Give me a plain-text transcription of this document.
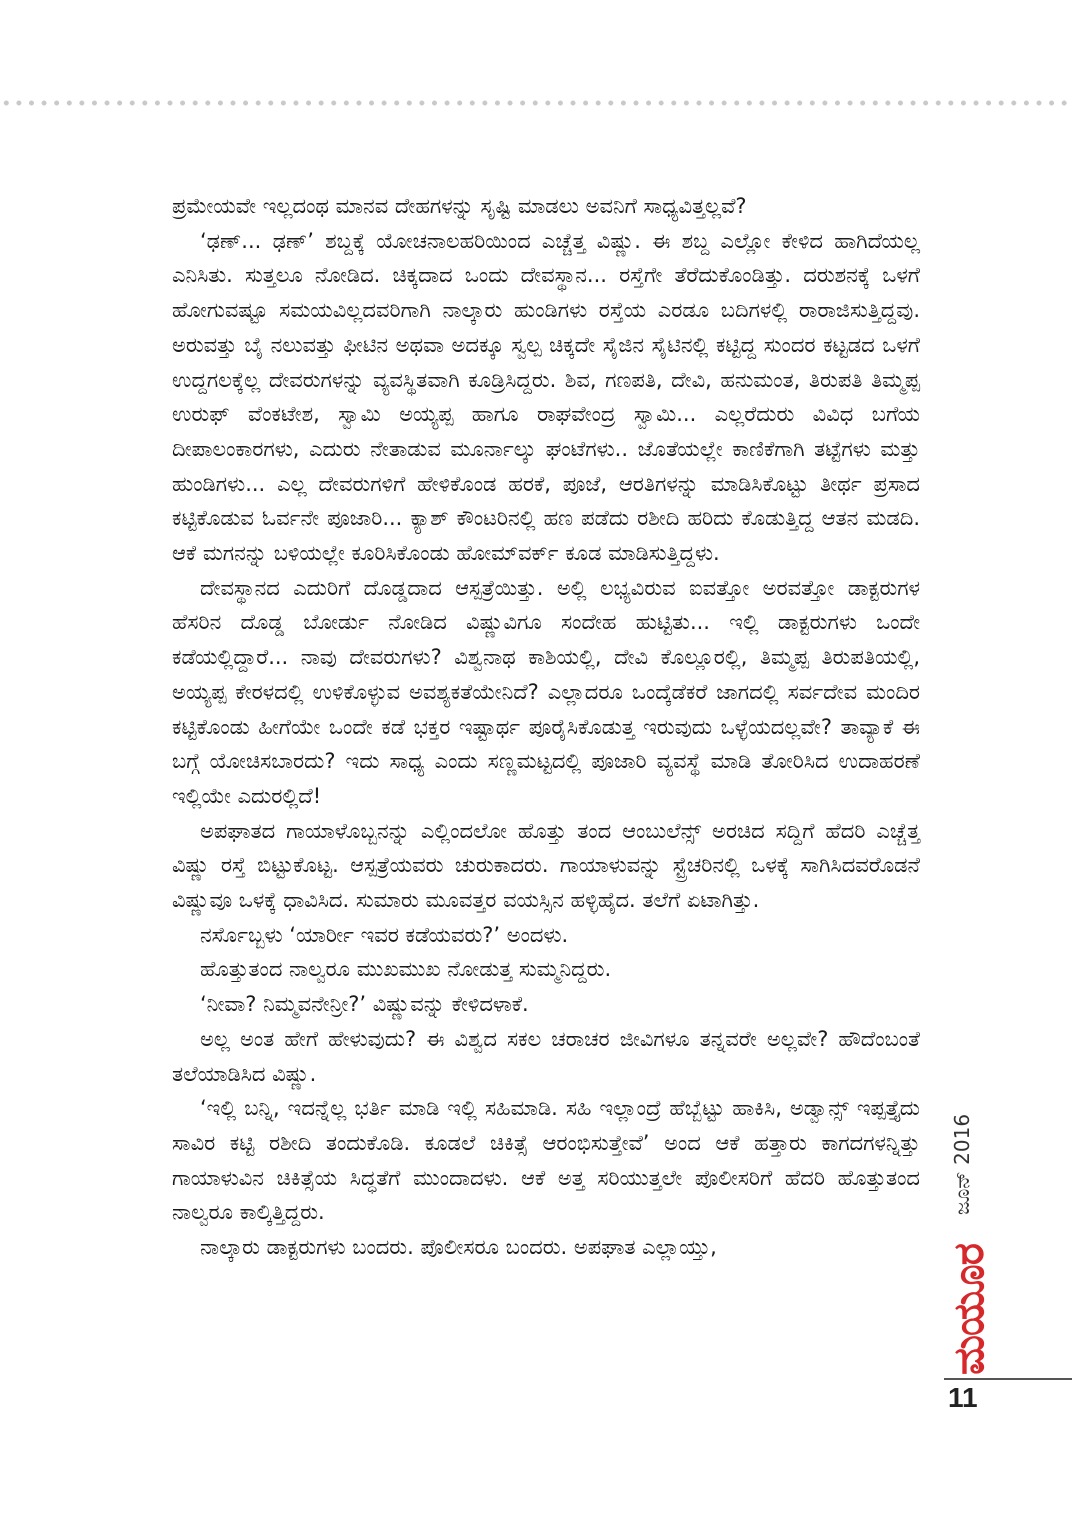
ಪ್ರಮೇಯವೇ ಇಲ್ಲದಂಥ ಮಾನವ ದೇಹಗಳನ್ನು ಸೃಷ್ಟಿ ಮಾಡಲು ಅವನಿಗೆ ಸಾಧ್ಯವಿತ್ತಲ್ಲವೆ?

‘ಢಣ್... ಢಣ್’ ಶಬ್ದಕ್ಕೆ ಯೋಚನಾಲಹರಿಯಿಂದ ಎಚ್ಚೆತ್ತ ವಿಷ್ಣು. ಈ ಶಬ್ದ ಎಲ್ಲೋ ಕೇಳಿದ ಹಾಗಿದೆಯಲ್ಲ ಎನಿಸಿತು. ಸುತ್ತಲೂ ನೋಡಿದ. ಚಿಕ್ಕದಾದ ಒಂದು ದೇವಸ್ಥಾನ... ರಸ್ತೆಗೇ ತೆರೆದುಕೊಂಡಿತ್ತು. ದರುಶನಕ್ಕೆ ಒಳಗೆ ಹೋಗುವಷ್ಟೂ ಸಮಯವಿಲ್ಲದವರಿಗಾಗಿ ನಾಲ್ಕಾರು ಹುಂಡಿಗಳು ರಸ್ತೆಯ ಎರಡೂ ಬದಿಗಳಲ್ಲಿ ರಾರಾಜಿಸುತ್ತಿದ್ದವು. ಅರುವತ್ತು ಬೈ ನಲುವತ್ತು ಫೀಟಿನ ಅಥವಾ ಅದಕ್ಕೂ ಸ್ವಲ್ಪ ಚಿಕ್ಕದೇ ಸೈಜಿನ ಸೈಟಿನಲ್ಲಿ ಕಟ್ಟಿದ್ದ ಸುಂದರ ಕಟ್ಟಡದ ಒಳಗೆ ಉದ್ದಗಲಕ್ಕೆಲ್ಲ ದೇವರುಗಳನ್ನು ವ್ಯವಸ್ಥಿತವಾಗಿ ಕೂಡ್ರಿಸಿದ್ದರು. ಶಿವ, ಗಣಪತಿ, ದೇವಿ, ಹನುಮಂತ, ತಿರುಪತಿ ತಿಮ್ಮಪ್ಪ ಉರುಫ್ ವೆಂಕಟೇಶ, ಸ್ವಾಮಿ ಅಯ್ಯಪ್ಪ ಹಾಗೂ ರಾಘವೇಂದ್ರ ಸ್ವಾಮಿ... ಎಲ್ಲರೆದುರು ವಿವಿಧ ಬಗೆಯ ದೀಪಾಲಂಕಾರಗಳು, ಎದುರು ನೇತಾಡುವ ಮೂರ್ನಾಲ್ಕು ಘಂಟೆಗಳು.. ಜೊತೆಯಲ್ಲೇ ಕಾಣಿಕೆಗಾಗಿ ತಟ್ಟೆಗಳು ಮತ್ತು ಹುಂಡಿಗಳು... ಎಲ್ಲ ದೇವರುಗಳಿಗೆ ಹೇಳಿಕೊಂಡ ಹರಕೆ, ಪೂಜೆ, ಆರತಿಗಳನ್ನು ಮಾಡಿಸಿಕೊಟ್ಟು ತೀರ್ಥ ಪ್ರಸಾದ ಕಟ್ಟಿಕೊಡುವ ಓರ್ವನೇ ಪೂಜಾರಿ... ಕ್ಯಾಶ್ ಕೌಂಟರಿನಲ್ಲಿ ಹಣ ಪಡೆದು ರಶೀದಿ ಹರಿದು ಕೊಡುತ್ತಿದ್ದ ಆತನ ಮಡದಿ. ಆಕೆ ಮಗನನ್ನು ಬಳಿಯಲ್ಲೇ ಕೂರಿಸಿಕೊಂಡು ಹೋಮ್‌ವರ್ಕ್ ಕೂಡ ಮಾಡಿಸುತ್ತಿದ್ದಳು.

ದೇವಸ್ಥಾನದ ಎದುರಿಗೆ ದೊಡ್ಡದಾದ ಆಸ್ಪತ್ರೆಯಿತ್ತು. ಅಲ್ಲಿ ಲಭ್ಯವಿರುವ ಐವತ್ತೋ ಅರವತ್ತೋ ಡಾಕ್ಟರುಗಳ ಹೆಸರಿನ ದೊಡ್ಡ ಬೋರ್ಡು ನೋಡಿದ ವಿಷ್ಣುವಿಗೂ ಸಂದೇಹ ಹುಟ್ಟಿತು... ಇಲ್ಲಿ ಡಾಕ್ಟರುಗಳು ಒಂದೇ ಕಡೆಯಲ್ಲಿದ್ದಾರೆ... ನಾವು ದೇವರುಗಳು? ವಿಶ್ವನಾಥ ಕಾಶಿಯಲ್ಲಿ, ದೇವಿ ಕೊಲ್ಲೂರಲ್ಲಿ, ತಿಮ್ಮಪ್ಪ ತಿರುಪತಿಯಲ್ಲಿ, ಅಯ್ಯಪ್ಪ ಕೇರಳದಲ್ಲಿ ಉಳಿಕೊಳ್ಳುವ ಅವಶ್ಯಕತೆಯೇನಿದೆ? ಎಲ್ಲಾದರೂ ಒಂದ್ಕೆಡೆಕರೆ ಜಾಗದಲ್ಲಿ ಸರ್ವದೇವ ಮಂದಿರ ಕಟ್ಟಿಕೊಂಡು ಹೀಗೆಯೇ ಒಂದೇ ಕಡೆ ಭಕ್ತರ ಇಷ್ಟಾರ್ಥ ಪೂರೈಸಿಕೊಡುತ್ತ ಇರುವುದು ಒಳ್ಳೆಯದಲ್ಲವೇ? ತಾವ್ಯಾಕೆ ಈ ಬಗ್ಗೆ ಯೋಚಿಸಬಾರದು? ಇದು ಸಾಧ್ಯ ಎಂದು ಸಣ್ಣಮಟ್ಟದಲ್ಲಿ ಪೂಜಾರಿ ವ್ಯವಸ್ಥೆ ಮಾಡಿ ತೋರಿಸಿದ ಉದಾಹರಣೆ ಇಲ್ಲಿಯೇ ಎದುರಲ್ಲಿದೆ!

ಅಪಘಾತದ ಗಾಯಾಳೊಬ್ಬನನ್ನು ಎಲ್ಲಿಂದಲೋ ಹೊತ್ತು ತಂದ ಆಂಬುಲೆನ್ಸ್ ಅರಚಿದ ಸದ್ದಿಗೆ ಹೆದರಿ ಎಚ್ಚೆತ್ತ ವಿಷ್ಣು ರಸ್ತೆ ಬಿಟ್ಟುಕೊಟ್ಟ. ಆಸ್ಪತ್ರೆಯವರು ಚುರುಕಾದರು. ಗಾಯಾಳುವನ್ನು ಸ್ಟ್ರೆಚರಿನಲ್ಲಿ ಒಳಕ್ಕೆ ಸಾಗಿಸಿದವರೊಡನೆ ವಿಷ್ಣುವೂ ಒಳಕ್ಕೆ ಧಾವಿಸಿದ. ಸುಮಾರು ಮೂವತ್ತರ ವಯಸ್ಸಿನ ಹಳ್ಳಿಹೈದ. ತಲೆಗೆ ಏಟಾಗಿತ್ತು.

ನರ್ಸೊಬ್ಬಳು ‘ಯಾರ್ರೀ ಇವರ ಕಡೆಯವರು?’ ಅಂದಳು.

ಹೊತ್ತುತಂದ ನಾಲ್ವರೂ ಮುಖಮುಖ ನೋಡುತ್ತ ಸುಮ್ಮನಿದ್ದರು.

‘ನೀವಾ? ನಿಮ್ಮವನೇನ್ರೀ?’ ವಿಷ್ಣುವನ್ನು ಕೇಳಿದಳಾಕೆ.

ಅಲ್ಲ ಅಂತ ಹೇಗೆ ಹೇಳುವುದು? ಈ ವಿಶ್ವದ ಸಕಲ ಚರಾಚರ ಜೀವಿಗಳೂ ತನ್ನವರೇ ಅಲ್ಲವೇ? ಹೌದೆಂಬಂತೆ ತಲೆಯಾಡಿಸಿದ ವಿಷ್ಣು.

‘ಇಲ್ಲಿ ಬನ್ನಿ, ಇದನ್ನೆಲ್ಲ ಭರ್ತಿ ಮಾಡಿ ಇಲ್ಲಿ ಸಹಿಮಾಡಿ. ಸಹಿ ಇಲ್ಲಾಂದ್ರೆ ಹೆಬ್ಬೆಟ್ಟು ಹಾಕಿಸಿ, ಅಡ್ವಾನ್ಸ್ ಇಪ್ಪತ್ತೈದು ಸಾವಿರ ಕಟ್ಟಿ ರಶೀದಿ ತಂದುಕೊಡಿ. ಕೂಡಲೆ ಚಿಕಿತ್ಸೆ ಆರಂಭಿಸುತ್ತೇವೆ’ ಅಂದ ಆಕೆ ಹತ್ತಾರು ಕಾಗದಗಳನ್ನಿತ್ತು ಗಾಯಾಳುವಿನ ಚಿಕಿತ್ಸೆಯ ಸಿದ್ಧತೆಗೆ ಮುಂದಾದಳು. ಆಕೆ ಅತ್ತ ಸರಿಯುತ್ತಲೇ ಪೊಲೀಸರಿಗೆ ಹೆದರಿ ಹೊತ್ತುತಂದ ನಾಲ್ವರೂ ಕಾಲ್ಕಿತ್ತಿದ್ದರು.

ನಾಲ್ಕಾರು ಡಾಕ್ಟರುಗಳು ಬಂದರು. ಪೊಲೀಸರೂ ಬಂದರು. ಅಪಘಾತ ಎಲ್ಲಾಯ್ತು,

ಜೂನ್ 2016
ಮಯೂರ
11
